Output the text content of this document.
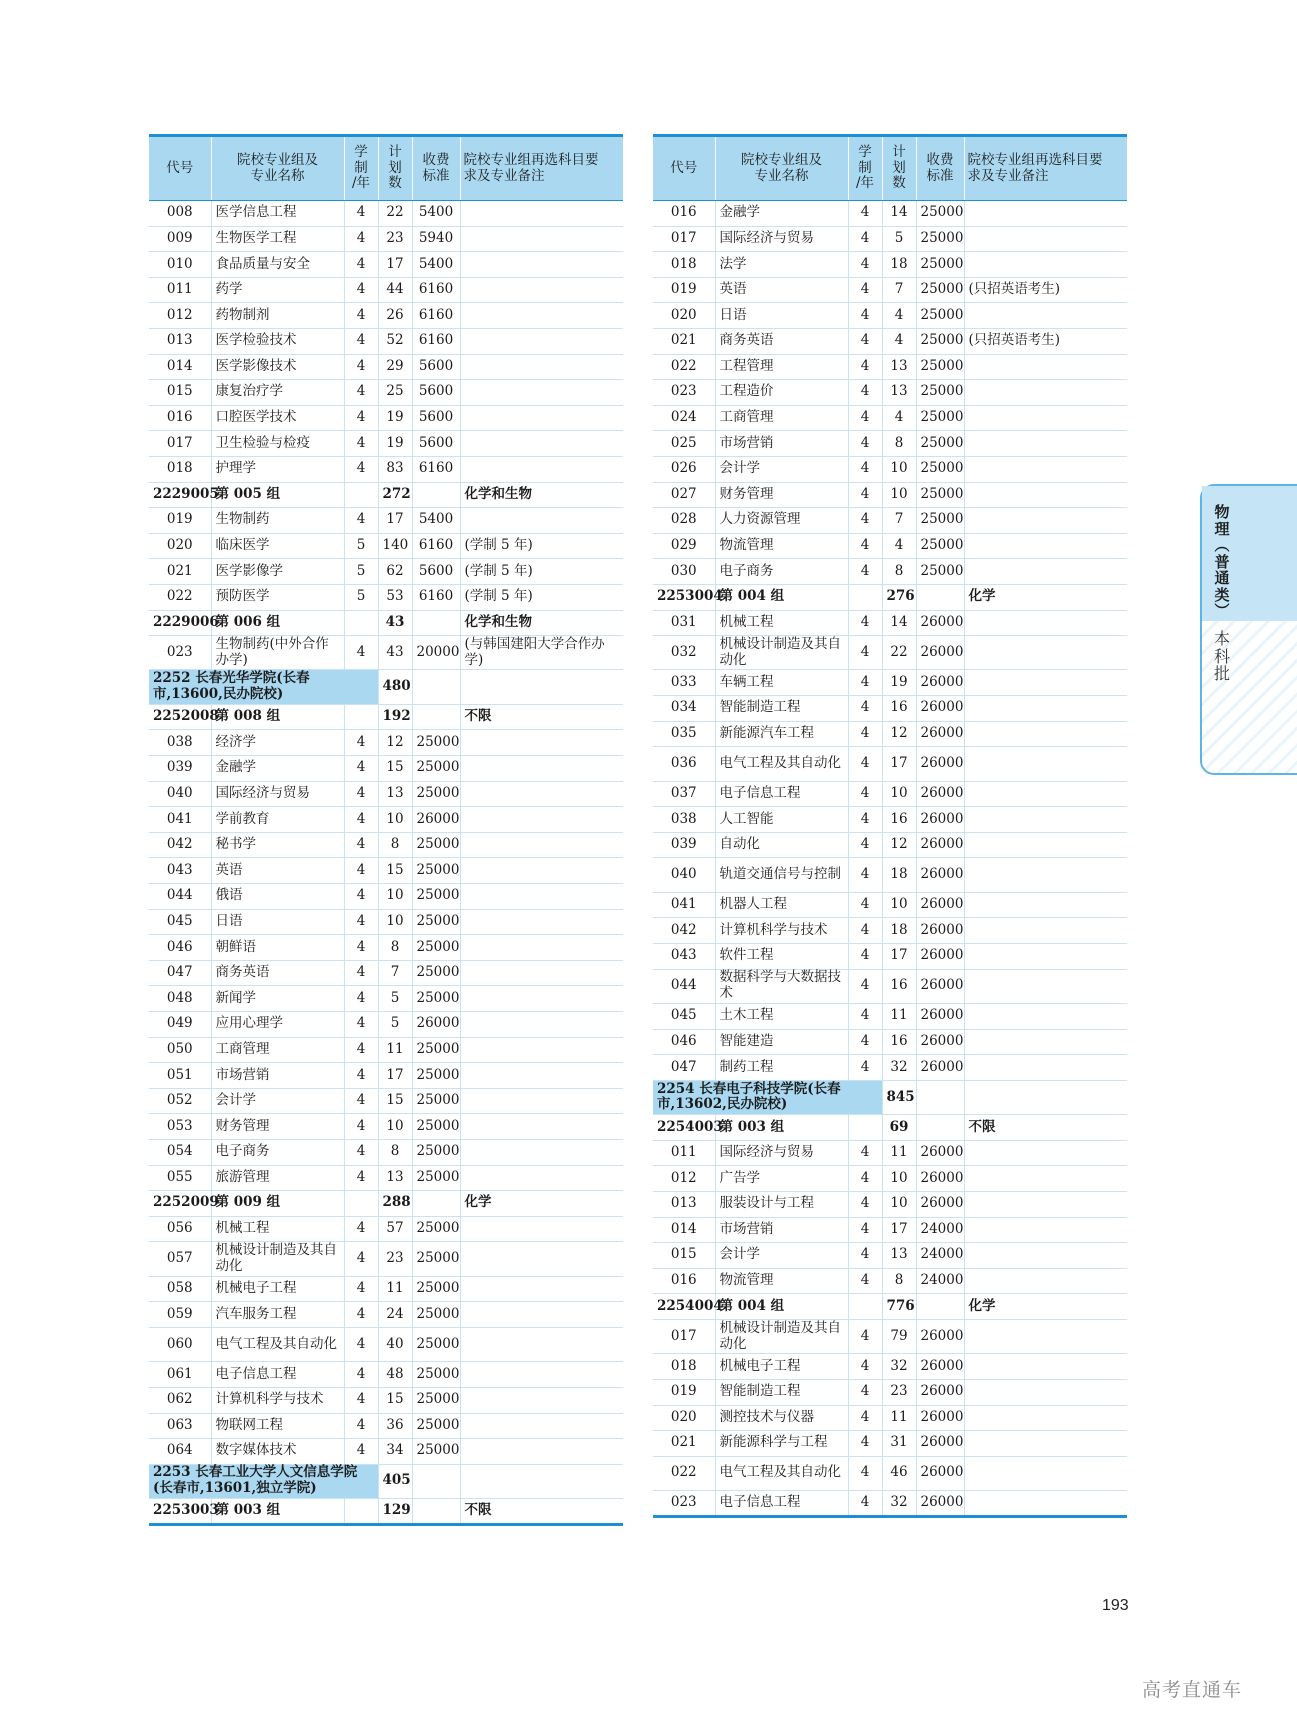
代号	院校专业组及
专业名称	学
制
/年	计
划
数	收费
标准	院校专业组再选科目要
求及专业备注
008	医学信息工程	4	22	5400	
009	生物医学工程	4	23	5940	
010	食品质量与安全	4	17	5400	
011	药学	4	44	6160	
012	药物制剂	4	26	6160	
013	医学检验技术	4	52	6160	
014	医学影像技术	4	29	5600	
015	康复治疗学	4	25	5600	
016	口腔医学技术	4	19	5600	
017	卫生检验与检疫	4	19	5600	
018	护理学	4	83	6160	
2229005	第 005 组		272		化学和生物
019	生物制药	4	17	5400	
020	临床医学	5	140	6160	(学制 5 年)
021	医学影像学	5	62	5600	(学制 5 年)
022	预防医学	5	53	6160	(学制 5 年)
2229006	第 006 组		43		化学和生物
023	生物制药(中外合作办学)	4	43	20000	(与韩国建阳大学合作办学)
2252 长春光华学院(长春市,13600,民办院校)			480		
2252008	第 008 组		192		不限
038	经济学	4	12	25000	
039	金融学	4	15	25000	
040	国际经济与贸易	4	13	25000	
041	学前教育	4	10	26000	
042	秘书学	4	8	25000	
043	英语	4	15	25000	
044	俄语	4	10	25000	
045	日语	4	10	25000	
046	朝鲜语	4	8	25000	
047	商务英语	4	7	25000	
048	新闻学	4	5	25000	
049	应用心理学	4	5	26000	
050	工商管理	4	11	25000	
051	市场营销	4	17	25000	
052	会计学	4	15	25000	
053	财务管理	4	10	25000	
054	电子商务	4	8	25000	
055	旅游管理	4	13	25000	
2252009	第 009 组		288		化学
056	机械工程	4	57	25000	
057	机械设计制造及其自动化	4	23	25000	
058	机械电子工程	4	11	25000	
059	汽车服务工程	4	24	25000	
060	电气工程及其自动化	4	40	25000	
061	电子信息工程	4	48	25000	
062	计算机科学与技术	4	15	25000	
063	物联网工程	4	36	25000	
064	数字媒体技术	4	34	25000	
2253 长春工业大学人文信息学院(长春市,13601,独立学院)			405		
2253003	第 003 组		129		不限
代号	院校专业组及
专业名称	学
制
/年	计
划
数	收费
标准	院校专业组再选科目要
求及专业备注
016	金融学	4	14	25000	
017	国际经济与贸易	4	5	25000	
018	法学	4	18	25000	
019	英语	4	7	25000	(只招英语考生)
020	日语	4	4	25000	
021	商务英语	4	4	25000	(只招英语考生)
022	工程管理	4	13	25000	
023	工程造价	4	13	25000	
024	工商管理	4	4	25000	
025	市场营销	4	8	25000	
026	会计学	4	10	25000	
027	财务管理	4	10	25000	
028	人力资源管理	4	7	25000	
029	物流管理	4	4	25000	
030	电子商务	4	8	25000	
2253004	第 004 组		276		化学
031	机械工程	4	14	26000	
032	机械设计制造及其自动化	4	22	26000	
033	车辆工程	4	19	26000	
034	智能制造工程	4	16	26000	
035	新能源汽车工程	4	12	26000	
036	电气工程及其自动化	4	17	26000	
037	电子信息工程	4	10	26000	
038	人工智能	4	16	26000	
039	自动化	4	12	26000	
040	轨道交通信号与控制	4	18	26000	
041	机器人工程	4	10	26000	
042	计算机科学与技术	4	18	26000	
043	软件工程	4	17	26000	
044	数据科学与大数据技术	4	16	26000	
045	土木工程	4	11	26000	
046	智能建造	4	16	26000	
047	制药工程	4	32	26000	
2254 长春电子科技学院(长春市,13602,民办院校)			845		
2254003	第 003 组		69		不限
011	国际经济与贸易	4	11	26000	
012	广告学	4	10	26000	
013	服装设计与工程	4	10	26000	
014	市场营销	4	17	24000	
015	会计学	4	13	24000	
016	物流管理	4	8	24000	
2254004	第 004 组		776		化学
017	机械设计制造及其自动化	4	79	26000	
018	机械电子工程	4	32	26000	
019	智能制造工程	4	23	26000	
020	测控技术与仪器	4	11	26000	
021	新能源科学与工程	4	31	26000	
022	电气工程及其自动化	4	46	26000	
023	电子信息工程	4	32	26000	
物
理
︵
普
通
类
︶
本
科
批
193
高考直通车
